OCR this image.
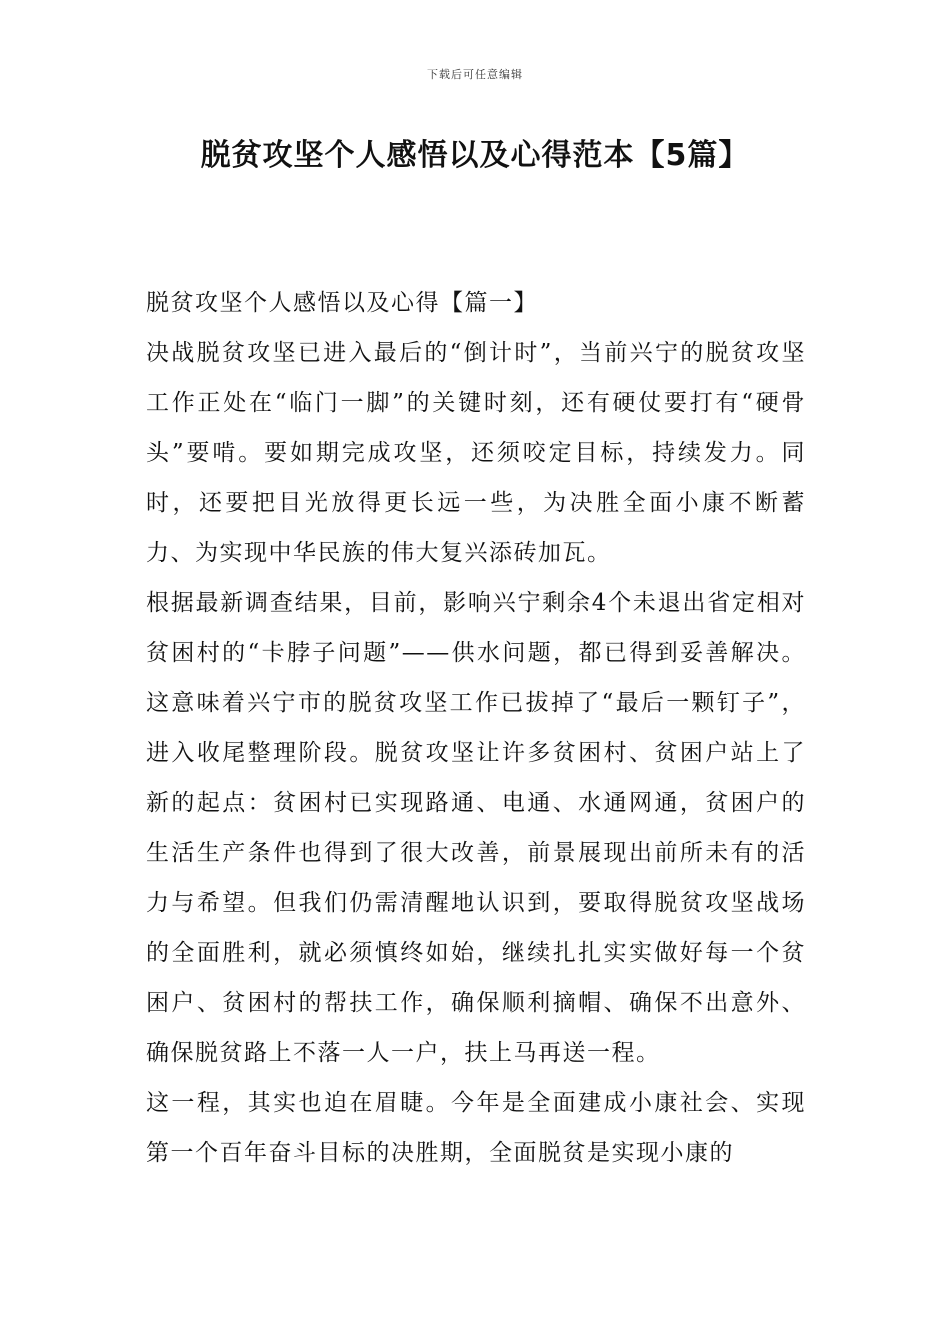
下载后可任意编辑
脱贫攻坚个人感悟以及心得范本【5篇】
脱贫攻坚个人感悟以及心得【篇一】

决战脱贫攻坚已进入最后的“倒计时”，当前兴宁的脱贫攻坚工作正处在“临门一脚”的关键时刻，还有硬仗要打有“硬骨头”要啃。要如期完成攻坚，还须咬定目标，持续发力。同时，还要把目光放得更长远一些，为决胜全面小康不断蓄力、为实现中华民族的伟大复兴添砖加瓦。

根据最新调查结果，目前，影响兴宁剩余4个未退出省定相对贫困村的“卡脖子问题”——供水问题，都已得到妥善解决。这意味着兴宁市的脱贫攻坚工作已拔掉了“最后一颗钉子”，进入收尾整理阶段。脱贫攻坚让许多贫困村、贫困户站上了新的起点：贫困村已实现路通、电通、水通网通，贫困户的生活生产条件也得到了很大改善，前景展现出前所未有的活力与希望。但我们仍需清醒地认识到，要取得脱贫攻坚战场的全面胜利，就必须慎终如始，继续扎扎实实做好每一个贫困户、贫困村的帮扶工作，确保顺利摘帽、确保不出意外、确保脱贫路上不落一人一户，扶上马再送一程。

这一程，其实也迫在眉睫。今年是全面建成小康社会、实现第一个百年奋斗目标的决胜期，全面脱贫是实现小康的
